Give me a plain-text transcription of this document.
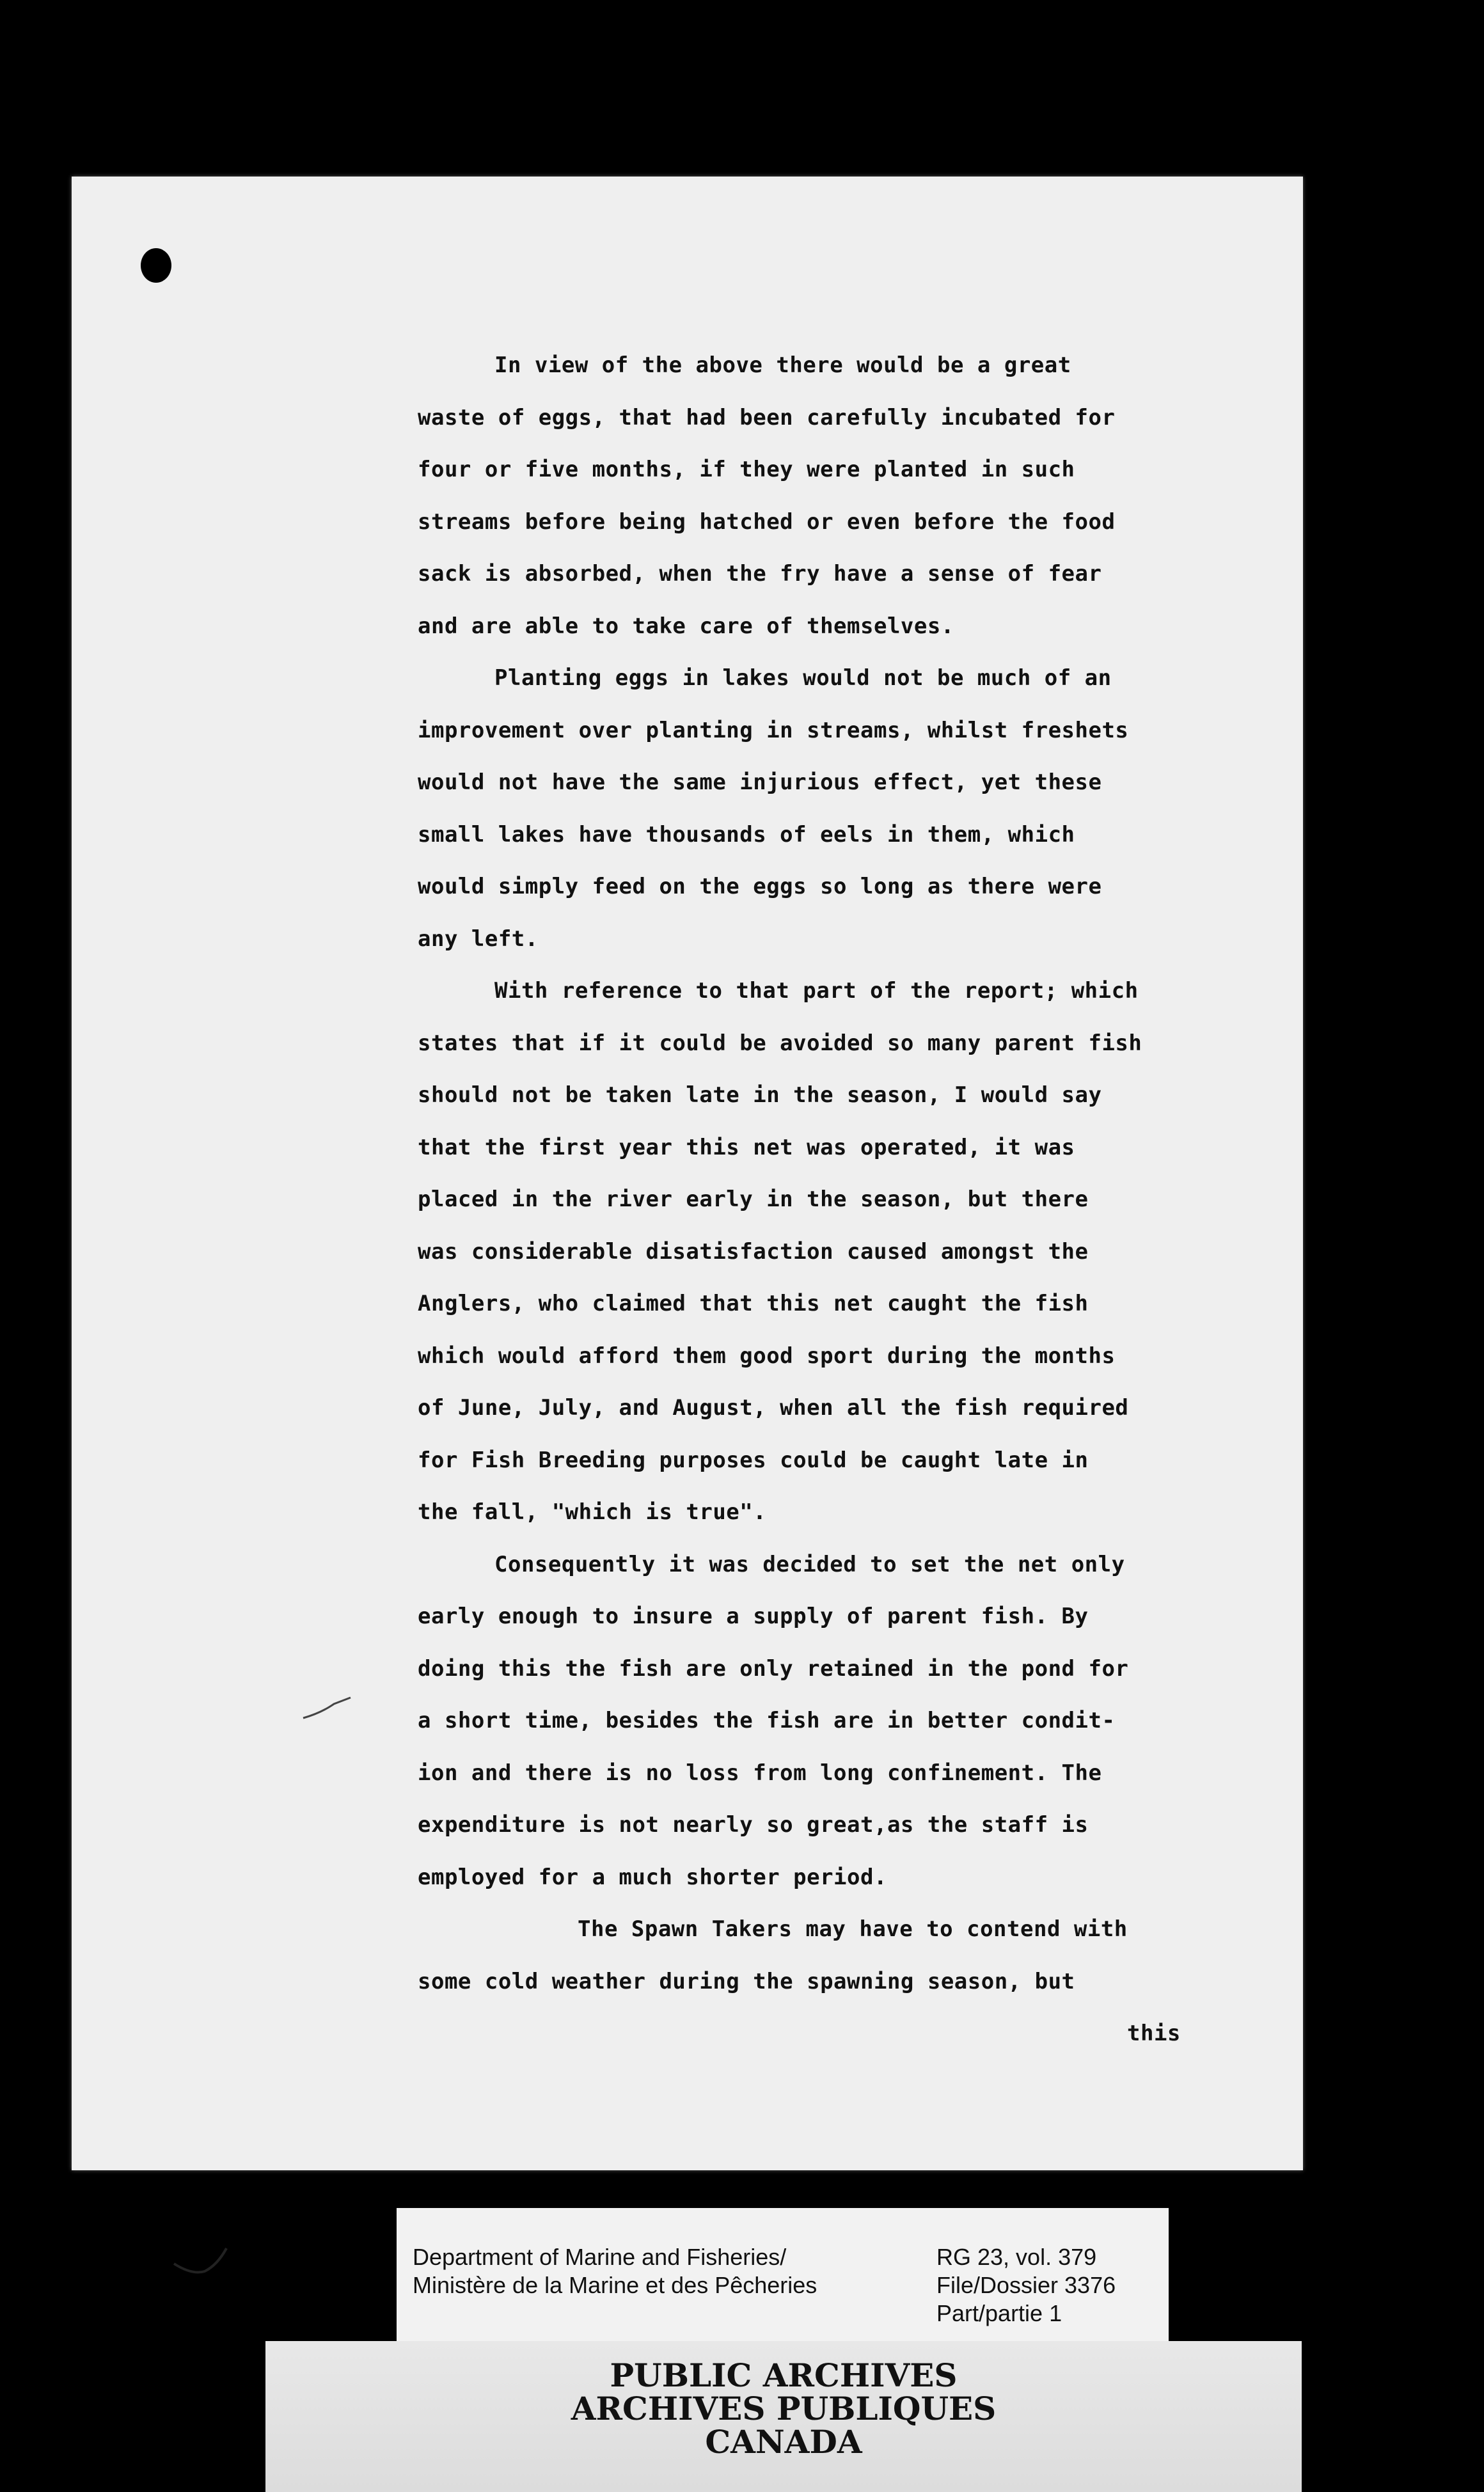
In view of the above there would be a great
waste of eggs, that had been carefully incubated for
four or five months, if they were planted in such
streams before being hatched or even before the food
sack is absorbed, when the fry have a sense of fear
and are able to take care of themselves.
Planting eggs in lakes would not be much of an
improvement over planting in streams, whilst freshets
would not have the same injurious effect, yet these
small lakes have thousands of eels in them, which
would simply feed on the eggs so long as there were
any left.
With reference to that part of the report; which
states that if it could be avoided so many parent fish
should not be taken late in the season, I would say
that the first year this net was operated, it was
placed in the river early in the season, but there
was considerable disatisfaction caused amongst the
Anglers, who claimed that this net caught the fish
which would afford them good sport during the months
of June, July, and August, when all the fish required
for Fish Breeding purposes could be caught late in
the fall, "which is true".
Consequently it was decided to set the net only
early enough to insure a supply of parent fish. By
doing this the fish are only retained in the pond for
a short time, besides the fish are in better condit-
ion and there is no loss from long confinement. The
expenditure is not nearly so great,as the staff is
employed for a much shorter period.
The Spawn Takers may have to contend with
some cold weather during the spawning season, but
this
Department of Marine and Fisheries/
Ministère de la Marine et des Pêcheries
RG 23, vol. 379
File/Dossier 3376
Part/partie 1
PUBLIC ARCHIVES
ARCHIVES PUBLIQUES
CANADA
